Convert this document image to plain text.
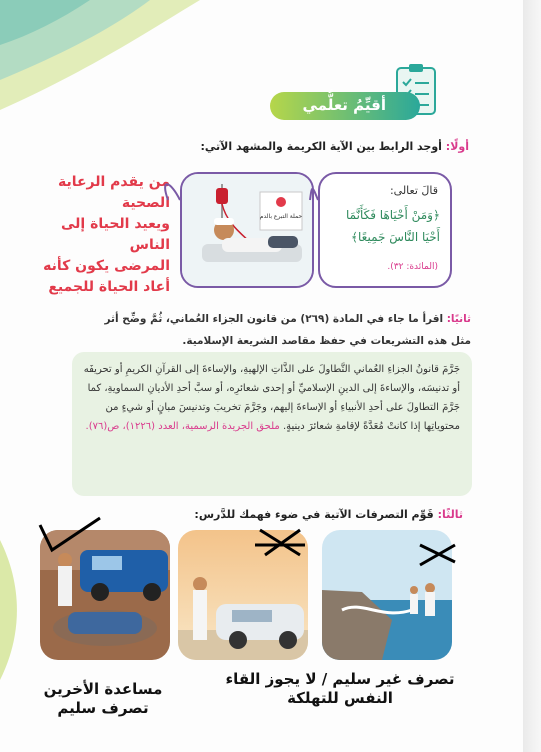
أقيِّمُ تعلُّمي
أولًا: أوجد الرابط بين الآية الكريمة والمشهد الآتي:
قالَ تعالى:
﴿وَمَنْ أَحْيَاهَا فَكَأَنَّمَا أَحْيَا النَّاسَ جَمِيعًا﴾
(المائدة: ٣٢).
حملة التبرع بالدم
من يقدم الرعاية الصحية
ويعيد الحياة إلى الناس
المرضى يكون كأنه
أعاد الحياة للجميع
ثانيًا: اقرأ ما جاء في المادة (٢٦٩) من قانون الجزاء العُماني، ثُمَّ وضِّح أثر مثل هذه التشريعات في حفظ مقاصد الشريعة الإسلامية.

جَرَّمَ قانونُ الجزاءِ العُماني التَّطاولَ على الذَّاتِ الإلهيةِ، والإساءةَ إلى القرآنِ الكريمِ أو تحريفَه أو تدنيسَه، والإساءةَ إلى الدينِ الإسلاميِّ أو إحدى شعائرِه، أو سبَّ أحدِ الأديانِ السماويةِ، كما جَرَّمَ التطاولَ على أحدِ الأنبياءِ أو الإساءةَ إليهم، وجَرَّمَ تخريبَ وتدنيسَ مبانٍ أو شيءٍ من محتوياتِها إذا كانتْ مُعَدَّةً لإقامةِ شعائرَ دينيةٍ. ملحق الجريدة الرسمية، العدد (١٢٢٦)، ص(٧٦).

ثالثًا: قَوِّم التصرفات الآتية في ضوء فهمك للدَّرس:
مساعدة الأخرين
تصرف سليم
تصرف غير سليم / لا يجوز القاء
النفس للتهلكة
